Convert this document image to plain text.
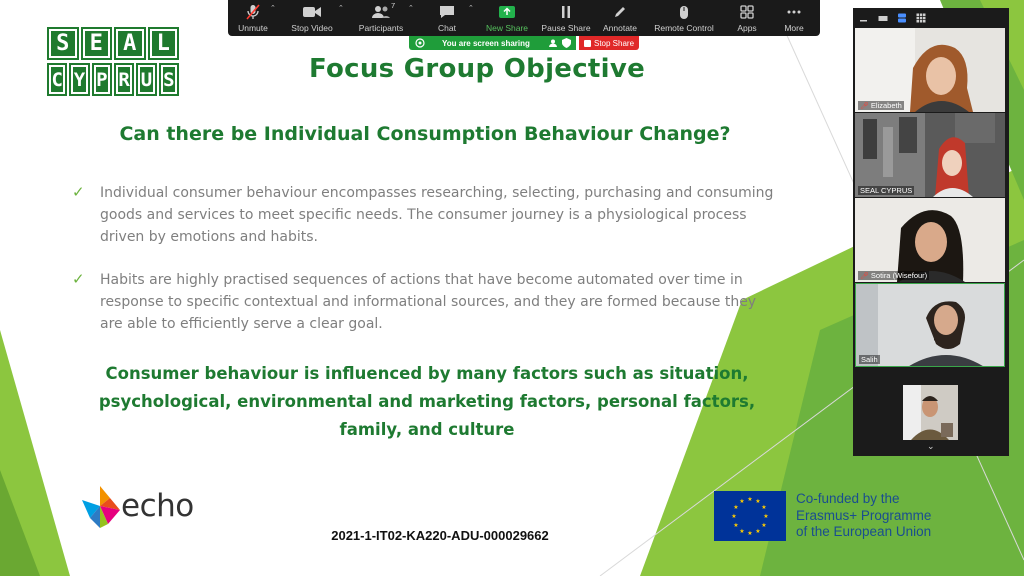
S E A L
C Y P R U S	Focus Group Objective
Can there be Individual Consumption Behaviour Change?
✓	Individual consumer behaviour encompasses researching, selecting, purchasing and consuming goods and services to meet specific needs. The consumer journey is a physiological process driven by emotions and habits.
✓	Habits are highly practised sequences of actions that have become automated over time in response to specific contextual and informational sources, and they are formed because they are able to efficiently serve a clear goal.
Consumer behaviour is influenced by many factors such as situation, psychological, environmental and marketing factors, personal factors, family, and culture
echo
2021-1-IT02-KA220-ADU-000029662
★ ★
★
★
★
★
★
★
★
★
★
★	Co-funded by the
Erasmus+ Programme
of the European Union
⌃
Unmute
⌃
Stop Video
7 ⌃
Participants
⌃
Chat	New Share Pause Share Annotate Remote Control	Apps	More
You are screen sharing	Stop Share
🎤︎ Elizabeth
SEAL CYPRUS
🎤︎ Sotira (Wisefour)
Salih
⌄
